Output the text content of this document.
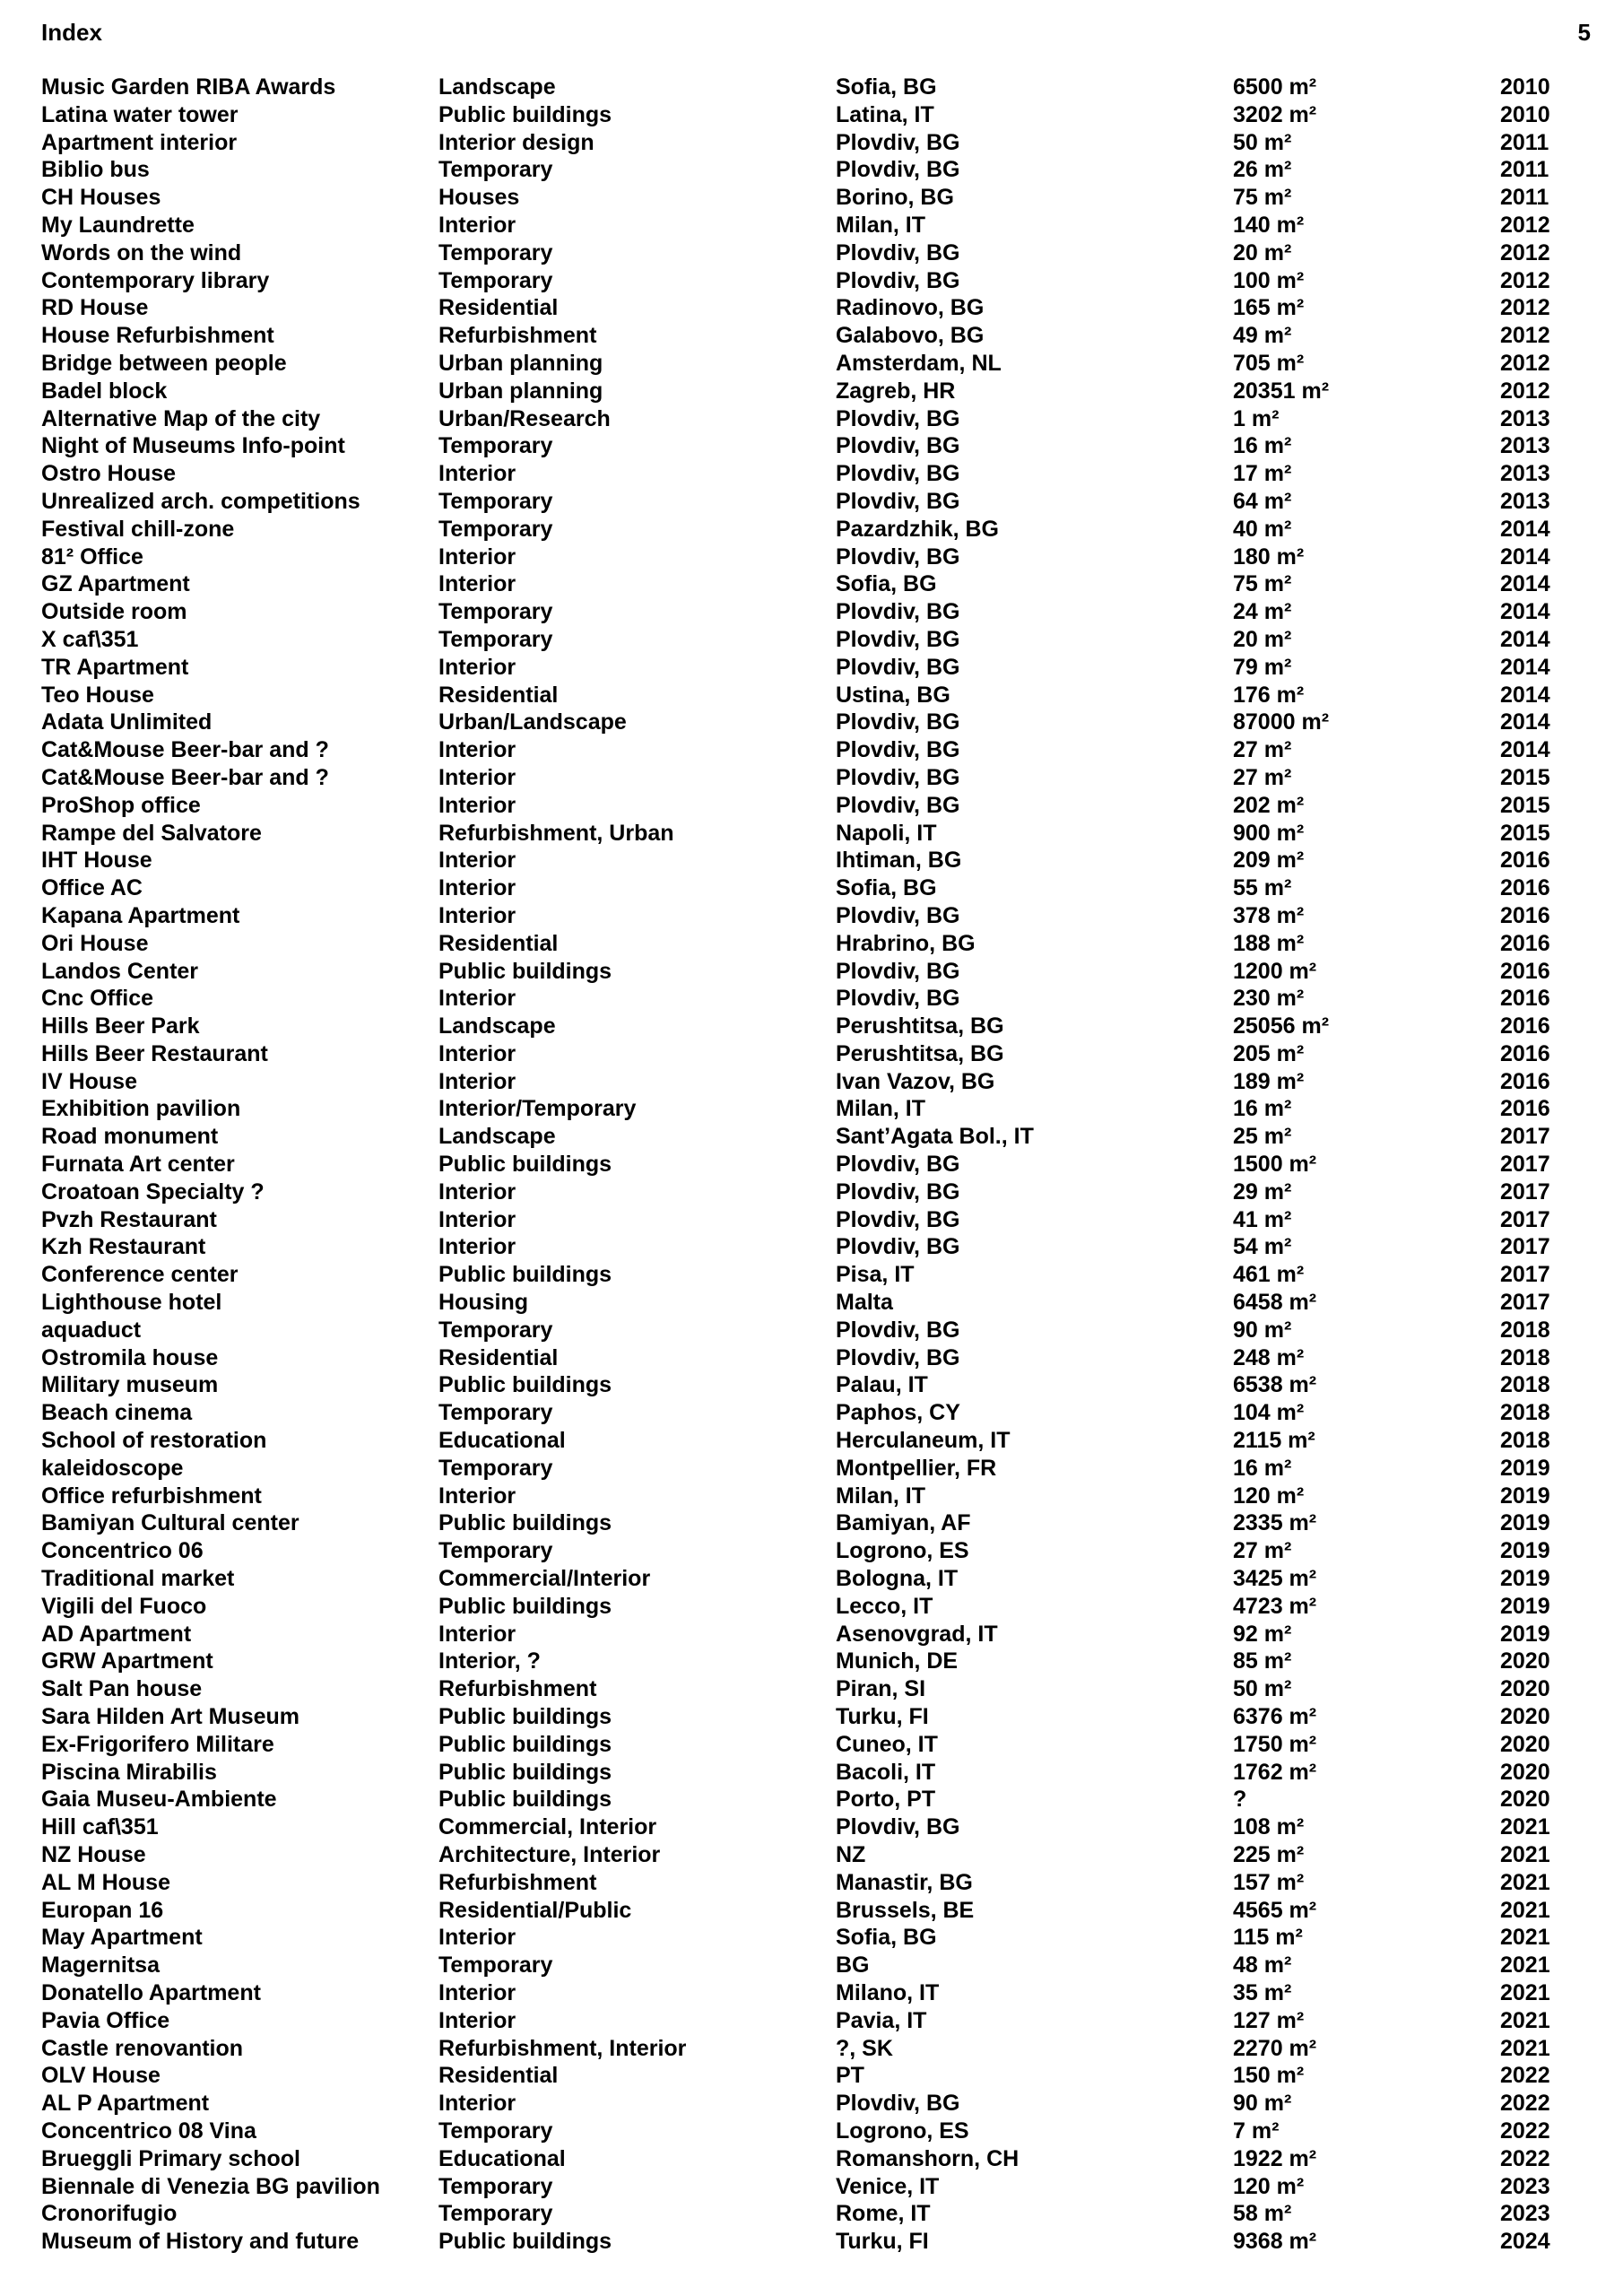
Index	5
Music Garden RIBA Awards	Landscape	Sofia, BG	6500 m²	2010
Latina water tower	Public buildings	Latina, IT	3202 m²	2010
Apartment interior	Interior design	Plovdiv, BG	50 m²	2011
Biblio bus	Temporary	Plovdiv, BG	26 m²	2011
CH Houses	Houses	Borino, BG	75 m²	2011
My Laundrette	Interior	Milan, IT	140 m²	2012
Words on the wind	Temporary	Plovdiv, BG	20 m²	2012
Contemporary library	Temporary	Plovdiv, BG	100 m²	2012
RD House	Residential	Radinovo, BG	165 m²	2012
House Refurbishment	Refurbishment	Galabovo, BG	49 m²	2012
Bridge between people	Urban planning	Amsterdam, NL	705 m²	2012
Badel block	Urban planning	Zagreb, HR	20351 m²	2012
Alternative Map of the city	Urban/Research	Plovdiv, BG	1 m²	2013
Night of Museums Info-point	Temporary	Plovdiv, BG	16 m²	2013
Ostro House	Interior	Plovdiv, BG	17 m²	2013
Unrealized arch. competitions	Temporary	Plovdiv, BG	64 m²	2013
Festival chill-zone	Temporary	Pazardzhik, BG	40 m²	2014
81² Office	Interior	Plovdiv, BG	180 m²	2014
GZ Apartment	Interior	Sofia, BG	75 m²	2014
Outside room	Temporary	Plovdiv, BG	24 m²	2014
X caf\351	Temporary	Plovdiv, BG	20 m²	2014
TR Apartment	Interior	Plovdiv, BG	79 m²	2014
Teo House	Residential	Ustina, BG	176 m²	2014
Adata Unlimited	Urban/Landscape	Plovdiv, BG	87000 m²	2014
Cat&Mouse Beer-bar and ?	Interior	Plovdiv, BG	27 m²	2014
Cat&Mouse Beer-bar and ?	Interior	Plovdiv, BG	27 m²	2015
ProShop office	Interior	Plovdiv, BG	202 m²	2015
Rampe del Salvatore	Refurbishment, Urban	Napoli, IT	900 m²	2015
IHT House	Interior	Ihtiman, BG	209 m²	2016
Office AC	Interior	Sofia, BG	55 m²	2016
Kapana Apartment	Interior	Plovdiv, BG	378 m²	2016
Ori House	Residential	Hrabrino, BG	188 m²	2016
Landos Center	Public buildings	Plovdiv, BG	1200 m²	2016
Cnc Office	Interior	Plovdiv, BG	230 m²	2016
Hills Beer Park	Landscape	Perushtitsa, BG	25056 m²	2016
Hills Beer Restaurant	Interior	Perushtitsa, BG	205 m²	2016
IV House	Interior	Ivan Vazov, BG	189 m²	2016
Exhibition pavilion	Interior/Temporary	Milan, IT	16 m²	2016
Road monument	Landscape	Sant’Agata Bol., IT	25 m²	2017
Furnata Art center	Public buildings	Plovdiv, BG	1500 m²	2017
Croatoan Specialty ?	Interior	Plovdiv, BG	29 m²	2017
Pvzh Restaurant	Interior	Plovdiv, BG	41 m²	2017
Kzh Restaurant	Interior	Plovdiv, BG	54 m²	2017
Conference center	Public buildings	Pisa, IT	461 m²	2017
Lighthouse hotel	Housing	Malta	6458 m²	2017
aquaduct	Temporary	Plovdiv, BG	90 m²	2018
Ostromila house	Residential	Plovdiv, BG	248 m²	2018
Military museum	Public buildings	Palau, IT	6538 m²	2018
Beach cinema	Temporary	Paphos, CY	104 m²	2018
School of restoration	Educational	Herculaneum, IT	2115 m²	2018
kaleidoscope	Temporary	Montpellier, FR	16 m²	2019
Office refurbishment	Interior	Milan, IT	120 m²	2019
Bamiyan Cultural center	Public buildings	Bamiyan, AF	2335 m²	2019
Concentrico 06	Temporary	Logrono, ES	27 m²	2019
Traditional market	Commercial/Interior	Bologna, IT	3425 m²	2019
Vigili del Fuoco	Public buildings	Lecco, IT	4723 m²	2019
AD Apartment	Interior	Asenovgrad, IT	92 m²	2019
GRW Apartment	Interior, ?	Munich, DE	85 m²	2020
Salt Pan house	Refurbishment	Piran, SI	50 m²	2020
Sara Hilden Art Museum	Public buildings	Turku, FI	6376 m²	2020
Ex-Frigorifero Militare	Public buildings	Cuneo, IT	1750 m²	2020
Piscina Mirabilis	Public buildings	Bacoli, IT	1762 m²	2020
Gaia Museu-Ambiente	Public buildings	Porto, PT	?	2020
Hill caf\351	Commercial, Interior	Plovdiv, BG	108 m²	2021
NZ House	Architecture, Interior	NZ	225 m²	2021
AL M House	Refurbishment	Manastir, BG	157 m²	2021
Europan 16	Residential/Public	Brussels, BE	4565 m²	2021
May Apartment	Interior	Sofia, BG	115 m²	2021
Magernitsa	Temporary	BG	48 m²	2021
Donatello Apartment	Interior	Milano, IT	35 m²	2021
Pavia Office	Interior	Pavia, IT	127 m²	2021
Castle renovantion	Refurbishment, Interior	?, SK	2270 m²	2021
OLV House	Residential	PT	150 m²	2022
AL P Apartment	Interior	Plovdiv, BG	90 m²	2022
Concentrico 08 Vina	Temporary	Logrono, ES	7 m²	2022
Brueggli Primary school	Educational	Romanshorn, CH	1922 m²	2022
Biennale di Venezia BG pavilion	Temporary	Venice, IT	120 m²	2023
Cronorifugio	Temporary	Rome, IT	58 m²	2023
Museum of History and future	Public buildings	Turku, FI	9368 m²	2024
